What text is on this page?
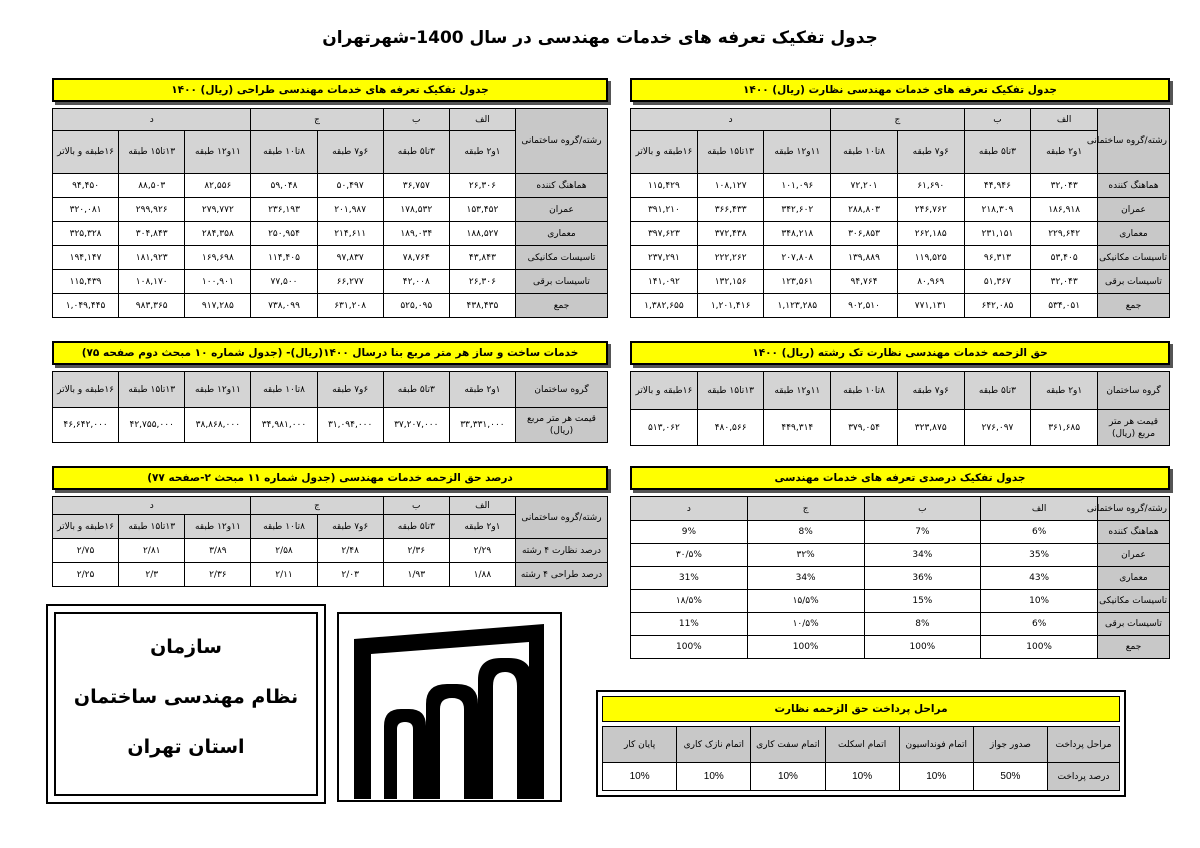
جدول تفکیک تعرفه های خدمات مهندسی در سال 1400-شهرتهران
جدول تفکیک تعرفه های خدمات مهندسی نظارت (ریال) ۱۴۰۰
رشته/گروه ساختمانی	الف	ب	ج		د		
	۱و۲ طبقه	۳تا۵ طبقه	۶و۷ طبقه	۸تا۱۰ طبقه	۱۱و۱۲ طبقه	۱۳تا۱۵ طبقه	۱۶طبقه و بالاتر
هماهنگ کننده	۳۲,۰۴۳	۴۴,۹۴۶	۶۱,۶۹۰	۷۲,۲۰۱	۱۰۱,۰۹۶	۱۰۸,۱۲۷	۱۱۵,۴۲۹
عمران	۱۸۶,۹۱۸	۲۱۸,۳۰۹	۲۴۶,۷۶۲	۲۸۸,۸۰۳	۳۴۲,۶۰۲	۳۶۶,۴۳۳	۳۹۱,۲۱۰
معماری	۲۲۹,۶۴۲	۲۳۱,۱۵۱	۲۶۲,۱۸۵	۳۰۶,۸۵۳	۳۴۸,۲۱۸	۳۷۲,۴۳۸	۳۹۷,۶۲۳
تاسیسات مکانیکی	۵۳,۴۰۵	۹۶,۳۱۳	۱۱۹,۵۲۵	۱۳۹,۸۸۹	۲۰۷,۸۰۸	۲۲۲,۲۶۲	۲۳۷,۲۹۱
تاسیسات برقی	۳۲,۰۴۳	۵۱,۳۶۷	۸۰,۹۶۹	۹۴,۷۶۴	۱۲۳,۵۶۱	۱۳۲,۱۵۶	۱۴۱,۰۹۲
جمع	۵۳۴,۰۵۱	۶۴۲,۰۸۵	۷۷۱,۱۳۱	۹۰۲,۵۱۰	۱,۱۲۳,۲۸۵	۱,۲۰۱,۴۱۶	۱,۳۸۲,۶۵۵
جدول تفکیک تعرفه های خدمات مهندسی طراحی (ریال) ۱۴۰۰
رشته/گروه ساختمانی	الف	ب	ج		د		
	۱و۲ طبقه	۳تا۵ طبقه	۶و۷ طبقه	۸تا۱۰ طبقه	۱۱و۱۲ طبقه	۱۳تا۱۵ طبقه	۱۶طبقه و بالاتر
هماهنگ کننده	۲۶,۳۰۶	۳۶,۷۵۷	۵۰,۴۹۷	۵۹,۰۴۸	۸۲,۵۵۶	۸۸,۵۰۳	۹۴,۴۵۰
عمران	۱۵۳,۴۵۲	۱۷۸,۵۳۲	۲۰۱,۹۸۷	۲۳۶,۱۹۳	۲۷۹,۷۷۲	۲۹۹,۹۲۶	۳۲۰,۰۸۱
معماری	۱۸۸,۵۲۷	۱۸۹,۰۳۴	۲۱۴,۶۱۱	۲۵۰,۹۵۴	۲۸۴,۳۵۸	۳۰۴,۸۴۳	۳۲۵,۳۲۸
تاسیسات مکانیکی	۴۳,۸۴۳	۷۸,۷۶۴	۹۷,۸۳۷	۱۱۴,۴۰۵	۱۶۹,۶۹۸	۱۸۱,۹۲۳	۱۹۴,۱۴۷
تاسیسات برقی	۲۶,۳۰۶	۴۲,۰۰۸	۶۶,۲۷۷	۷۷,۵۰۰	۱۰۰,۹۰۱	۱۰۸,۱۷۰	۱۱۵,۴۳۹
جمع	۴۳۸,۴۳۵	۵۲۵,۰۹۵	۶۳۱,۲۰۸	۷۳۸,۰۹۹	۹۱۷,۲۸۵	۹۸۳,۳۶۵	۱,۰۴۹,۴۴۵
حق الزحمه خدمات مهندسی نظارت تک رشته (ریال) ۱۴۰۰
گروه ساختمان	۱و۲ طبقه	۳تا۵ طبقه	۶و۷ طبقه	۸تا۱۰ طبقه	۱۱و۱۲ طبقه	۱۳تا۱۵ طبقه	۱۶طبقه و بالاتر
قیمت هر متر مربع (ریال)	۳۶۱,۶۸۵	۲۷۶,۰۹۷	۳۲۳,۸۷۵	۳۷۹,۰۵۴	۴۴۹,۳۱۴	۴۸۰,۵۶۶	۵۱۳,۰۶۲
خدمات ساخت و ساز هر متر مربع بنا درسال ۱۴۰۰(ریال)- (جدول شماره ۱۰ مبحث دوم صفحه ۷۵)
گروه ساختمان	۱و۲ طبقه	۳تا۵ طبقه	۶و۷ طبقه	۸تا۱۰ طبقه	۱۱و۱۲ طبقه	۱۳تا۱۵ طبقه	۱۶طبقه و بالاتر
قیمت هر متر مربع (ریال)	۳۳,۳۳۱,۰۰۰	۳۷,۲۰۷,۰۰۰	۳۱,۰۹۴,۰۰۰	۳۴,۹۸۱,۰۰۰	۳۸,۸۶۸,۰۰۰	۴۲,۷۵۵,۰۰۰	۴۶,۶۴۲,۰۰۰
جدول تفکیک درصدی تعرفه های خدمات مهندسی
رشته/گروه ساختمانی	الف	ب	ج	د
هماهنگ کننده	6%	7%	8%	9%
عمران	35%	34%	۳۲%	۳۰/۵%
معماری	43%	36%	34%	31%
تاسیسات مکانیکی	10%	15%	۱۵/۵%	۱۸/۵%
تاسیسات برقی	6%	8%	۱۰/۵%	11%
جمع	100%	100%	100%	100%
درصد حق الزحمه خدمات مهندسی (جدول شماره ۱۱ مبحث ۲-صفحه ۷۷)
رشته/گروه ساختمانی	الف	ب	ج		د		
	۱و۲ طبقه	۳تا۵ طبقه	۶و۷ طبقه	۸تا۱۰ طبقه	۱۱و۱۲ طبقه	۱۳تا۱۵ طبقه	۱۶طبقه و بالاتر
درصد نظارت ۴ رشته	۲/۲۹	۲/۳۶	۲/۴۸	۲/۵۸	۳/۸۹	۲/۸۱	۲/۷۵
درصد طراحی ۴ رشته	۱/۸۸	۱/۹۳	۲/۰۳	۲/۱۱	۲/۳۶	۲/۳	۲/۲۵
سازمان
نظام مهندسی ساختمان
استان تهران
مراحل پرداخت حق الزحمه نظارت
مراحل پرداخت	صدور جواز	اتمام فونداسیون	اتمام اسکلت	اتمام سفت کاری	اتمام نازک کاری	پایان کار
درصد پرداخت	50%	10%	10%	10%	10%	10%
